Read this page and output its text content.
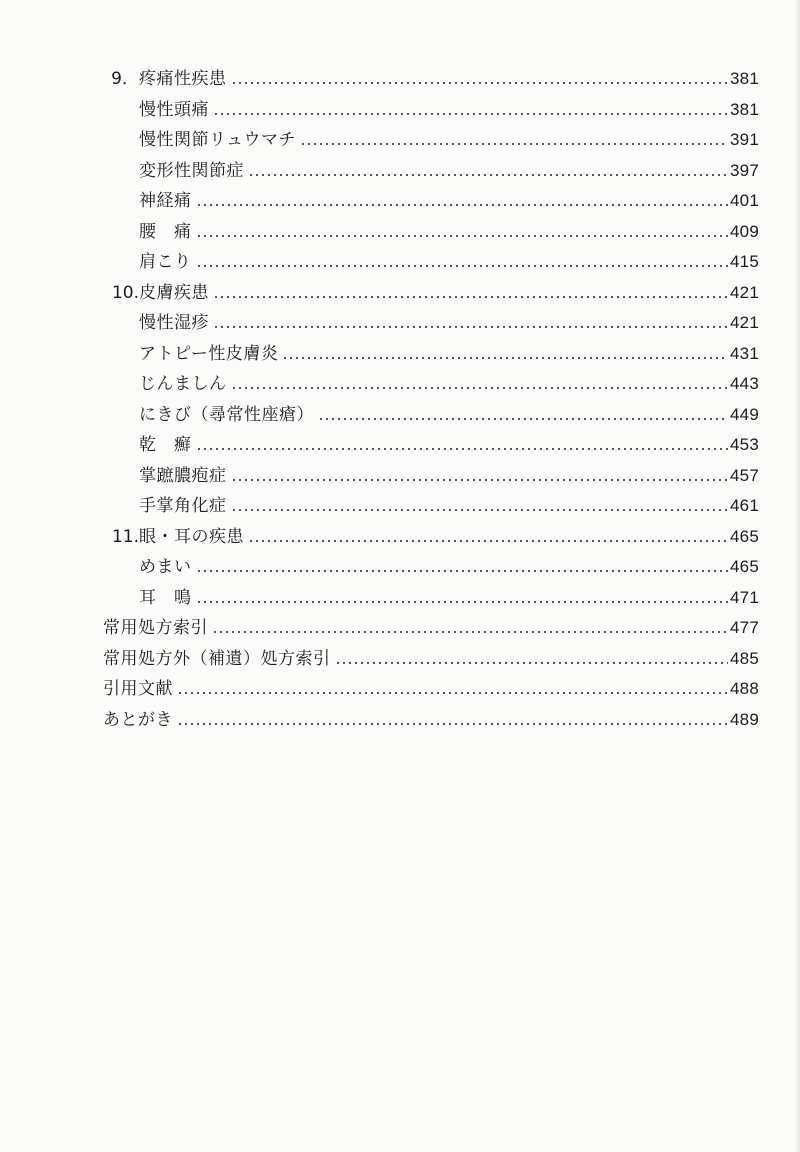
9． 疼痛性疾患	381
慢性頭痛	381
慢性関節リュウマチ	391
変形性関節症	397
神経痛	401
腰　痛	409
肩こり	415
10. 皮膚疾患	421
慢性湿疹	421
アトピー性皮膚炎	431
じんましん	443
にきび（尋常性座瘡）	449
乾　癬	453
掌蹠膿疱症	457
手掌角化症	461
11. 眼・耳の疾患	465
めまい	465
耳　鳴	471
常用処方索引	477
常用処方外（補遺）処方索引	485
引用文献	488
あとがき	489
